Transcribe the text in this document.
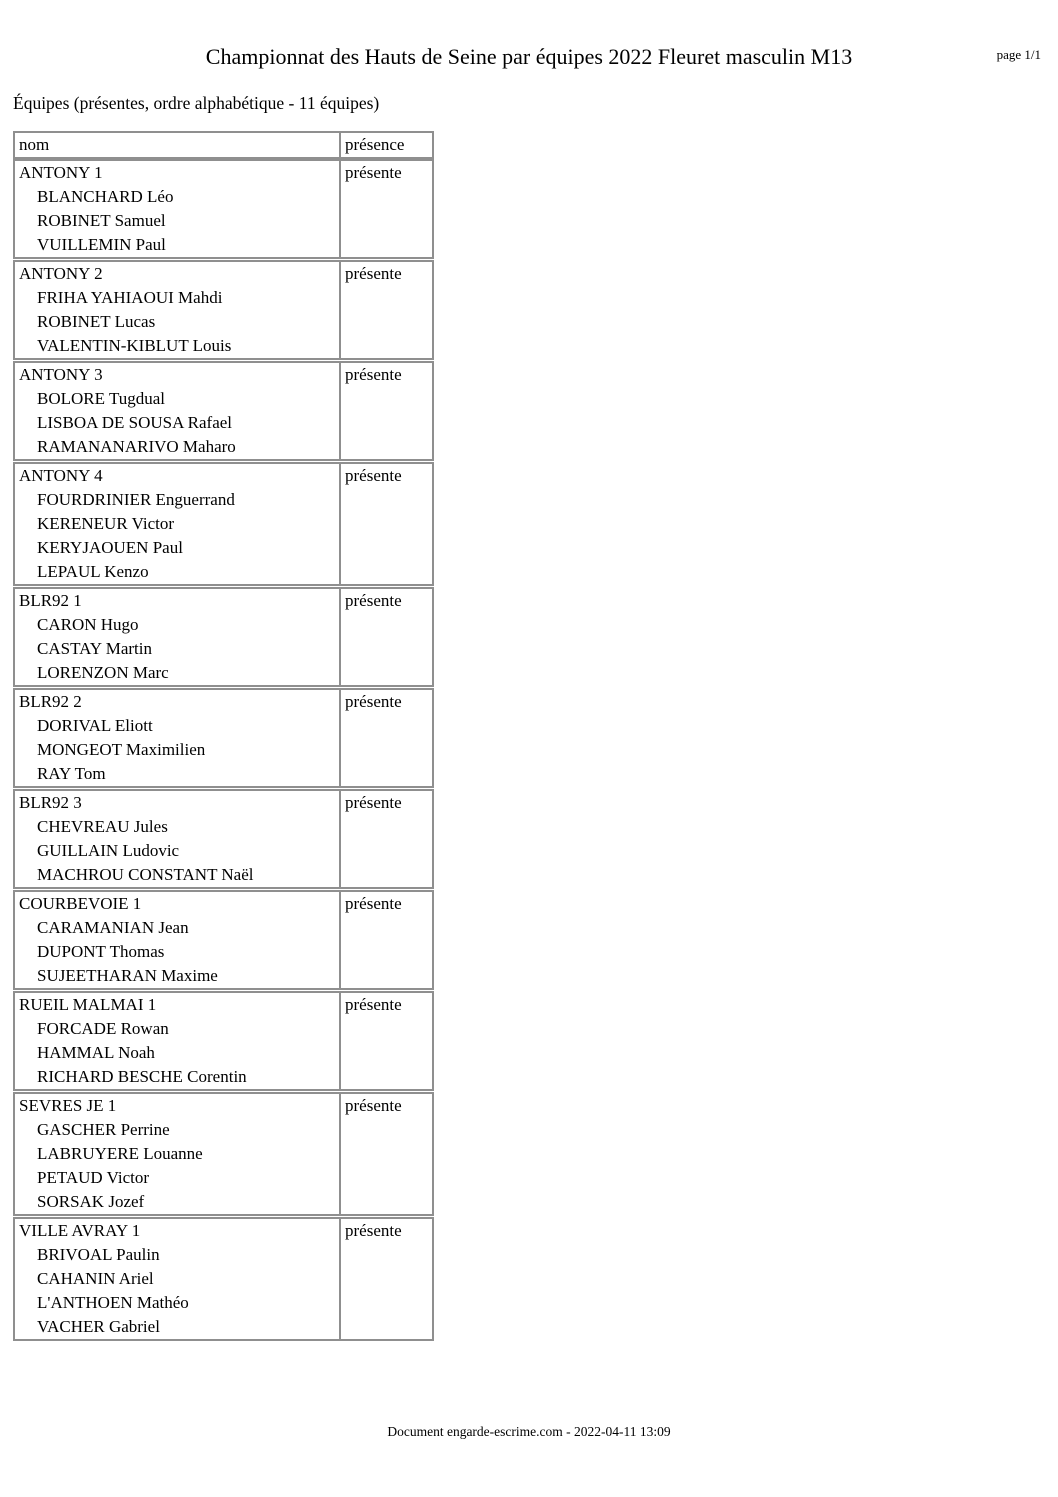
Championnat des Hauts de Seine par équipes 2022 Fleuret masculin M13	page 1/1
Équipes (présentes, ordre alphabétique - 11 équipes)
nom	présence
ANTONY 1
BLANCHARD Léo
ROBINET Samuel
VUILLEMIN Paul
présente
ANTONY 2
FRIHA YAHIAOUI Mahdi
ROBINET Lucas
VALENTIN-KIBLUT Louis
présente
ANTONY 3
BOLORE Tugdual
LISBOA DE SOUSA Rafael
RAMANANARIVO Maharo
présente
ANTONY 4
FOURDRINIER Enguerrand
KERENEUR Victor
KERYJAOUEN Paul
LEPAUL Kenzo
présente
BLR92 1
CARON Hugo
CASTAY Martin
LORENZON Marc
présente
BLR92 2
DORIVAL Eliott
MONGEOT Maximilien
RAY Tom
présente
BLR92 3
CHEVREAU Jules
GUILLAIN Ludovic
MACHROU CONSTANT Naël
présente
COURBEVOIE 1
CARAMANIAN Jean
DUPONT Thomas
SUJEETHARAN Maxime
présente
RUEIL MALMAI 1
FORCADE Rowan
HAMMAL Noah
RICHARD BESCHE Corentin
présente
SEVRES JE 1
GASCHER Perrine
LABRUYERE Louanne
PETAUD Victor
SORSAK Jozef
présente
VILLE AVRAY 1
BRIVOAL Paulin
CAHANIN Ariel
L'ANTHOEN Mathéo
VACHER Gabriel
présente
Document engarde-escrime.com - 2022-04-11 13:09
